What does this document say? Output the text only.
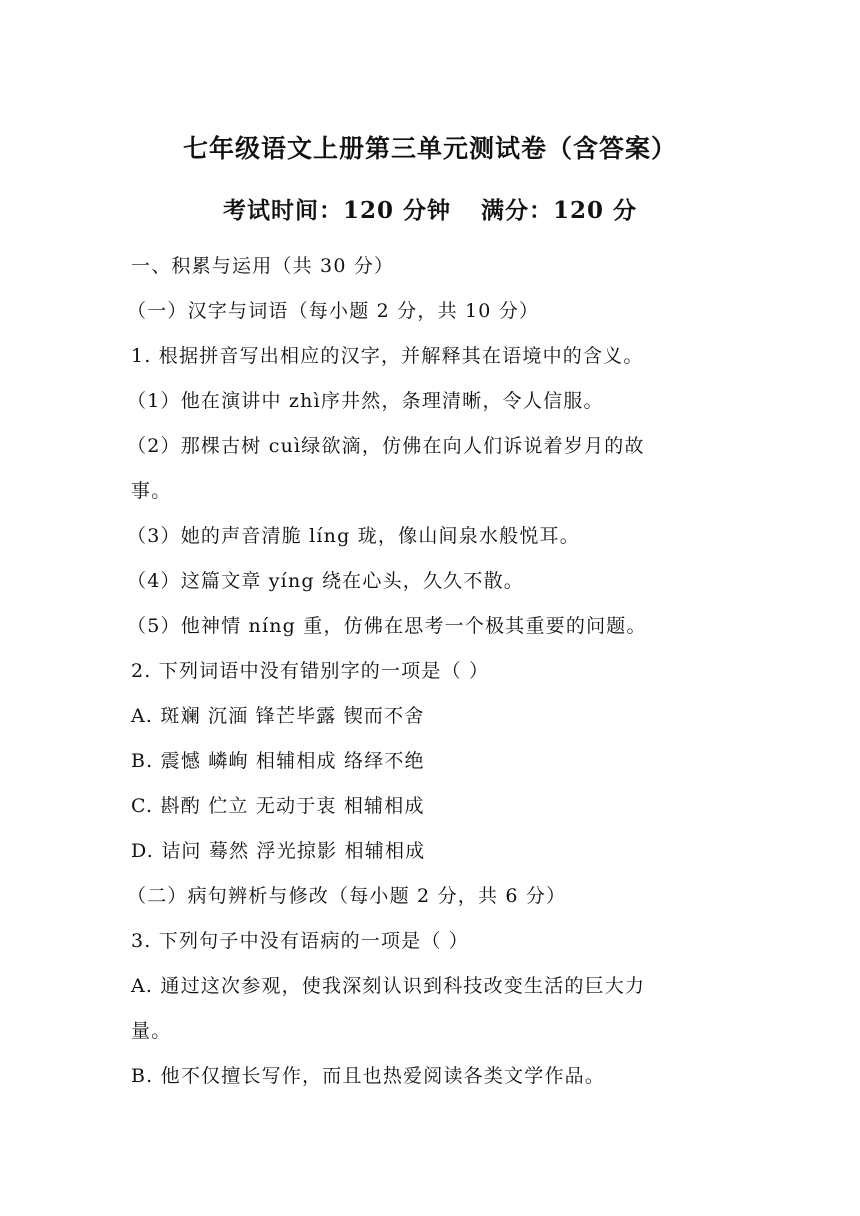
七年级语文上册第三单元测试卷（含答案）
考试时间：120 分钟 满分：120 分
一、积累与运用（共 30 分）
（一）汉字与词语（每小题 2 分，共 10 分）
1. 根据拼音写出相应的汉字，并解释其在语境中的含义。
（1）他在演讲中 zhì序井然，条理清晰，令人信服。
（2）那棵古树 cuì绿欲滴，仿佛在向人们诉说着岁月的故
事。
（3）她的声音清脆 líng 珑，像山间泉水般悦耳。
（4）这篇文章 yíng 绕在心头，久久不散。
（5）他神情 níng 重，仿佛在思考一个极其重要的问题。
2. 下列词语中没有错别字的一项是（ ）
A. 斑斓 沉湎 锋芒毕露 锲而不舍
B. 震憾 嶙峋 相辅相成 络绎不绝
C. 斟酌 伫立 无动于衷 相辅相成
D. 诘问 蓦然 浮光掠影 相辅相成
（二）病句辨析与修改（每小题 2 分，共 6 分）
3. 下列句子中没有语病的一项是（ ）
A. 通过这次参观，使我深刻认识到科技改变生活的巨大力
量。
B. 他不仅擅长写作，而且也热爱阅读各类文学作品。
